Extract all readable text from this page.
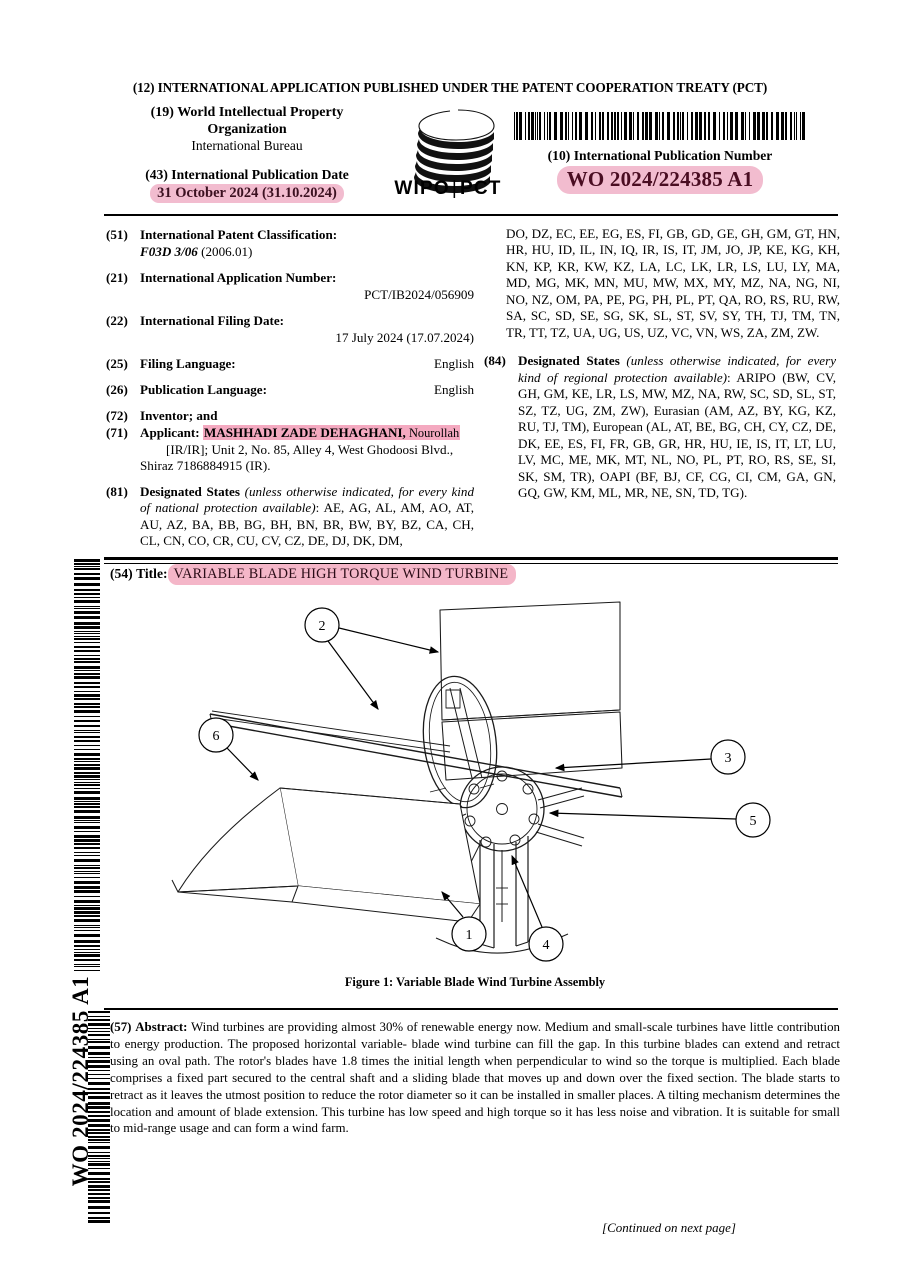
(12) INTERNATIONAL APPLICATION PUBLISHED UNDER THE PATENT COOPERATION TREATY (PCT)
(19) World Intellectual Property
Organization
International Bureau
(43) International Publication Date
31 October 2024 (31.10.2024)	WIPO | PCT
(10) International Publication Number
WO 2024/224385 A1
(51) International Patent Classification:
F03D 3/06 (2006.01)
(21) International Application Number:
PCT/IB2024/056909
(22) International Filing Date:
17 July 2024 (17.07.2024)
(25) Filing Language:	English
(26) Publication Language:	English
(72) Inventor; and
(71) Applicant: MASHHADI ZADE DEHAGHANI, Nourollah
[IR/IR]; Unit 2, No. 85, Alley 4, West Ghodoosi Blvd.,
Shiraz 7186884915 (IR).
(81) Designated States (unless otherwise indicated, for every kind of national protection available): AE, AG, AL, AM, AO, AT, AU, AZ, BA, BB, BG, BH, BN, BR, BW, BY, BZ, CA, CH, CL, CN, CO, CR, CU, CV, CZ, DE, DJ, DK, DM,
DO, DZ, EC, EE, EG, ES, FI, GB, GD, GE, GH, GM, GT, HN, HR, HU, ID, IL, IN, IQ, IR, IS, IT, JM, JO, JP, KE, KG, KH, KN, KP, KR, KW, KZ, LA, LC, LK, LR, LS, LU, LY, MA, MD, MG, MK, MN, MU, MW, MX, MY, MZ, NA, NG, NI, NO, NZ, OM, PA, PE, PG, PH, PL, PT, QA, RO, RS, RU, RW, SA, SC, SD, SE, SG, SK, SL, ST, SV, SY, TH, TJ, TM, TN, TR, TT, TZ, UA, UG, US, UZ, VC, VN, WS, ZA, ZM, ZW.
(84) Designated States (unless otherwise indicated, for every kind of regional protection available): ARIPO (BW, CV, GH, GM, KE, LR, LS, MW, MZ, NA, RW, SC, SD, SL, ST, SZ, TZ, UG, ZM, ZW), Eurasian (AM, AZ, BY, KG, KZ, RU, TJ, TM), European (AL, AT, BE, BG, CH, CY, CZ, DE, DK, EE, ES, FI, FR, GB, GR, HR, HU, IE, IS, IT, LT, LU, LV, MC, ME, MK, MT, NL, NO, PL, PT, RO, RS, SE, SI, SK, SM, TR), OAPI (BF, BJ, CF, CG, CI, CM, GA, GN, GQ, GW, KM, ML, MR, NE, SN, TD, TG).
(54) Title: VARIABLE BLADE HIGH TORQUE WIND TURBINE
2
6
3
5
1
4
Figure 1: Variable Blade Wind Turbine Assembly
(57) Abstract: Wind turbines are providing almost 30% of renewable energy now. Medium and small-scale turbines have little contribution to energy production. The proposed horizontal variable- blade wind turbine can fill the gap. In this turbine blades can extend and retract using an oval path. The rotor's blades have 1.8 times the initial length when perpendicular to wind so the torque is multiplied. Each blade comprises a fixed part secured to the central shaft and a sliding blade that moves up and down over the fixed section. The blade starts to retract as it leaves the utmost position to reduce the rotor diameter so it can be installed in smaller places. A tilting mechanism determines the location and amount of blade extension. This turbine has low speed and high torque so it has less noise and vibration. It is suitable for small to mid-range usage and can form a wind farm.
WO 2024/224385 A1
[Continued on next page]
